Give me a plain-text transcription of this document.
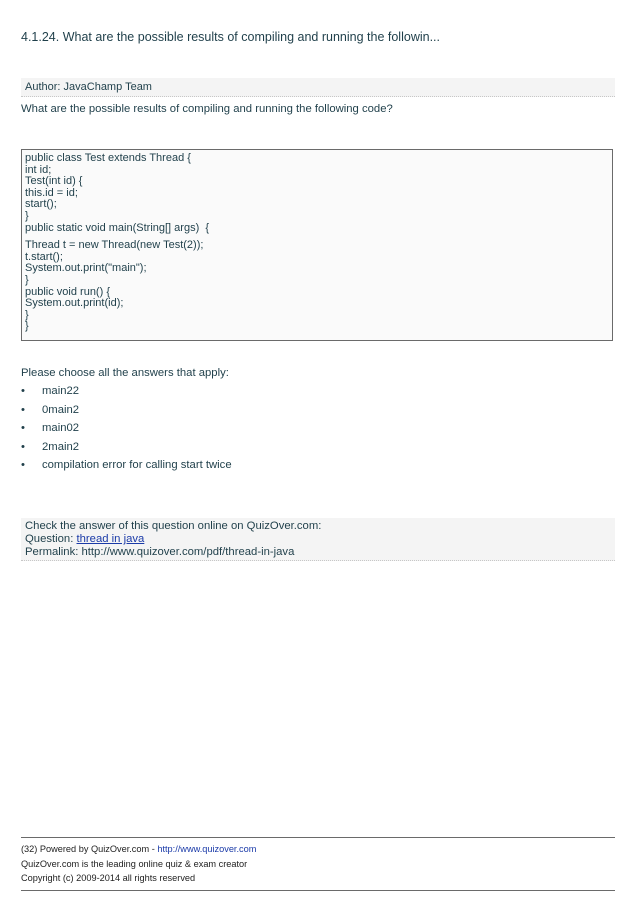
4.1.24. What are the possible results of compiling and running the followin...
Author: JavaChamp Team
What are the possible results of compiling and running the following code?
public class Test extends Thread {
int id;
Test(int id) {
this.id = id;
start();
}
public static void main(String[] args)  {
Thread t = new Thread(new Test(2));
t.start();
System.out.print("main");
}
public void run() {
System.out.print(id);
}
}
Please choose all the answers that apply:
• main22
• 0main2
• main02
• 2main2
• compilation error for calling start twice
Check the answer of this question online on QuizOver.com:
Question: thread in java
Permalink: http://www.quizover.com/pdf/thread-in-java
(32) Powered by QuizOver.com - http://www.quizover.com
QuizOver.com is the leading online quiz & exam creator
Copyright (c) 2009-2014 all rights reserved
